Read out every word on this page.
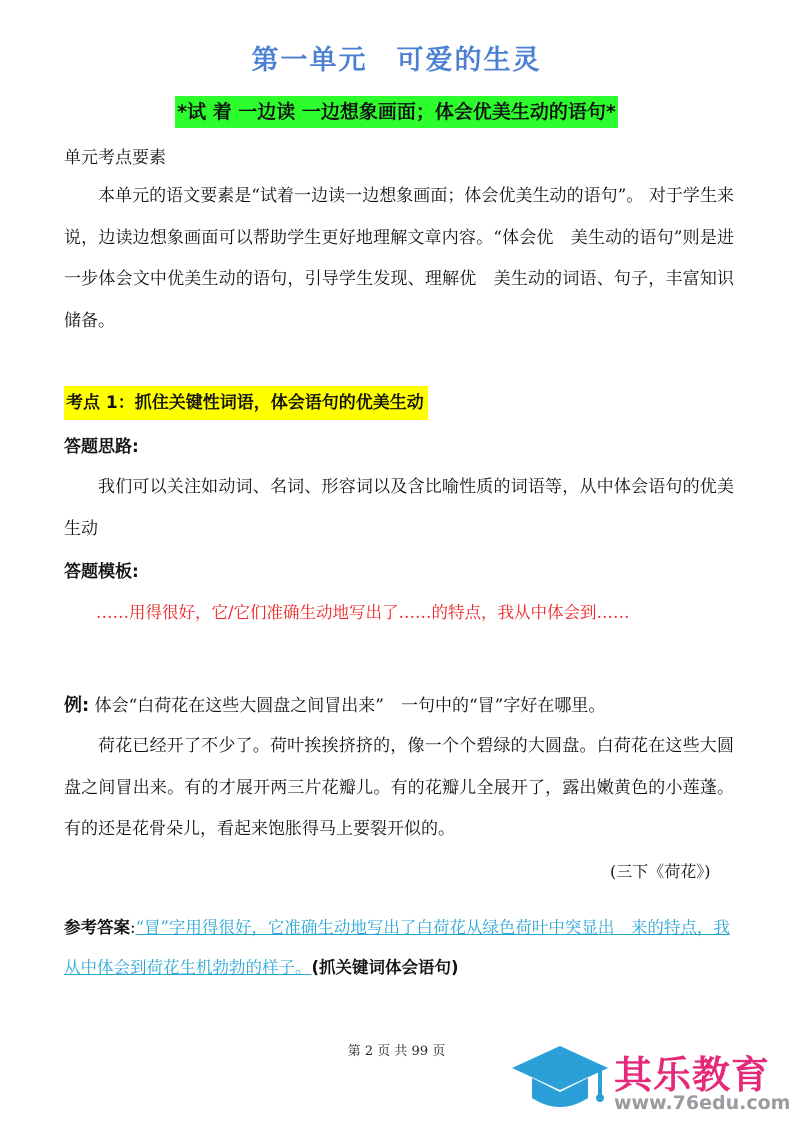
第一单元　可爱的生灵
*试 着 一边读 一边想象画面；体会优美生动的语句*
单元考点要素

本单元的语文要素是“试着一边读一边想象画面；体会优美生动的语句”。 对于学生来说，边读边想象画面可以帮助学生更好地理解文章内容。“体会优　美生动的语句”则是进一步体会文中优美生动的语句，引导学生发现、理解优　美生动的词语、句子，丰富知识储备。

考点 1：抓住关键性词语，体会语句的优美生动
答题思路:

我们可以关注如动词、名词、形容词以及含比喻性质的词语等，从中体会语句的优美生动

答题模板:
……用得很好，它/它们准确生动地写出了……的特点，我从中体会到……
例: 体会“白荷花在这些大圆盘之间冒出来”　一句中的“冒”字好在哪里。

荷花已经开了不少了。荷叶挨挨挤挤的，像一个个碧绿的大圆盘。白荷花在这些大圆盘之间冒出来。有的才展开两三片花瓣儿。有的花瓣儿全展开了，露出嫩黄色的小莲蓬。有的还是花骨朵儿，看起来饱胀得马上要裂开似的。

(三下《荷花》)

参考答案:“冒”字用得很好，它准确生动地写出了白荷花从绿色荷叶中突显出　来的特点，我从中体会到荷花生机勃勃的样子。(抓关键词体会语句)

第 2 页 共 99 页
其乐教育
www.76edu.com
